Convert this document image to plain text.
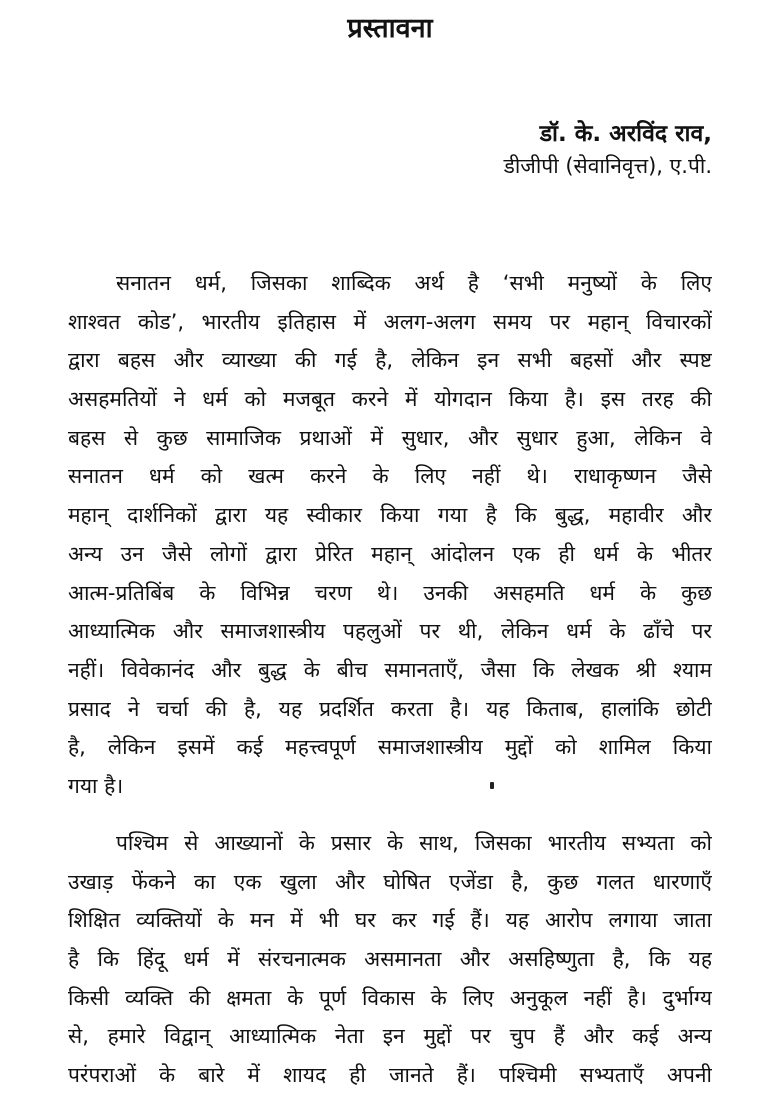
प्रस्तावना
डॉ. के. अरविंद राव,
डीजीपी (सेवानिवृत्त), ए.पी.
सनातन धर्म, जिसका शाब्दिक अर्थ है ‘सभी मनुष्यों के लिए
शाश्वत कोड’, भारतीय इतिहास में अलग-अलग समय पर महान् विचारकों
द्वारा बहस और व्याख्या की गई है, लेकिन इन सभी बहसों और स्पष्ट
असहमतियों ने धर्म को मजबूत करने में योगदान किया है। इस तरह की
बहस से कुछ सामाजिक प्रथाओं में सुधार, और सुधार हुआ, लेकिन वे
सनातन धर्म को खत्म करने के लिए नहीं थे। राधाकृष्णन जैसे
महान् दार्शनिकों द्वारा यह स्वीकार किया गया है कि बुद्ध, महावीर और
अन्य उन जैसे लोगों द्वारा प्रेरित महान् आंदोलन एक ही धर्म के भीतर
आत्म-प्रतिबिंब के विभिन्न चरण थे। उनकी असहमति धर्म के कुछ
आध्यात्मिक और समाजशास्त्रीय पहलुओं पर थी, लेकिन धर्म के ढाँचे पर
नहीं। विवेकानंद और बुद्ध के बीच समानताएँ, जैसा कि लेखक श्री श्याम
प्रसाद ने चर्चा की है, यह प्रदर्शित करता है। यह किताब, हालांकि छोटी
है, लेकिन इसमें कई महत्त्वपूर्ण समाजशास्त्रीय मुद्दों को शामिल किया
गया है।
पश्चिम से आख्यानों के प्रसार के साथ, जिसका भारतीय सभ्यता को
उखाड़ फेंकने का एक खुला और घोषित एजेंडा है, कुछ गलत धारणाएँ
शिक्षित व्यक्तियों के मन में भी घर कर गई हैं। यह आरोप लगाया जाता
है कि हिंदू धर्म में संरचनात्मक असमानता और असहिष्णुता है, कि यह
किसी व्यक्ति की क्षमता के पूर्ण विकास के लिए अनुकूल नहीं है। दुर्भाग्य
से, हमारे विद्वान् आध्यात्मिक नेता इन मुद्दों पर चुप हैं और कई अन्य
परंपराओं के बारे में शायद ही जानते हैं। पश्चिमी सभ्यताएँ अपनी
